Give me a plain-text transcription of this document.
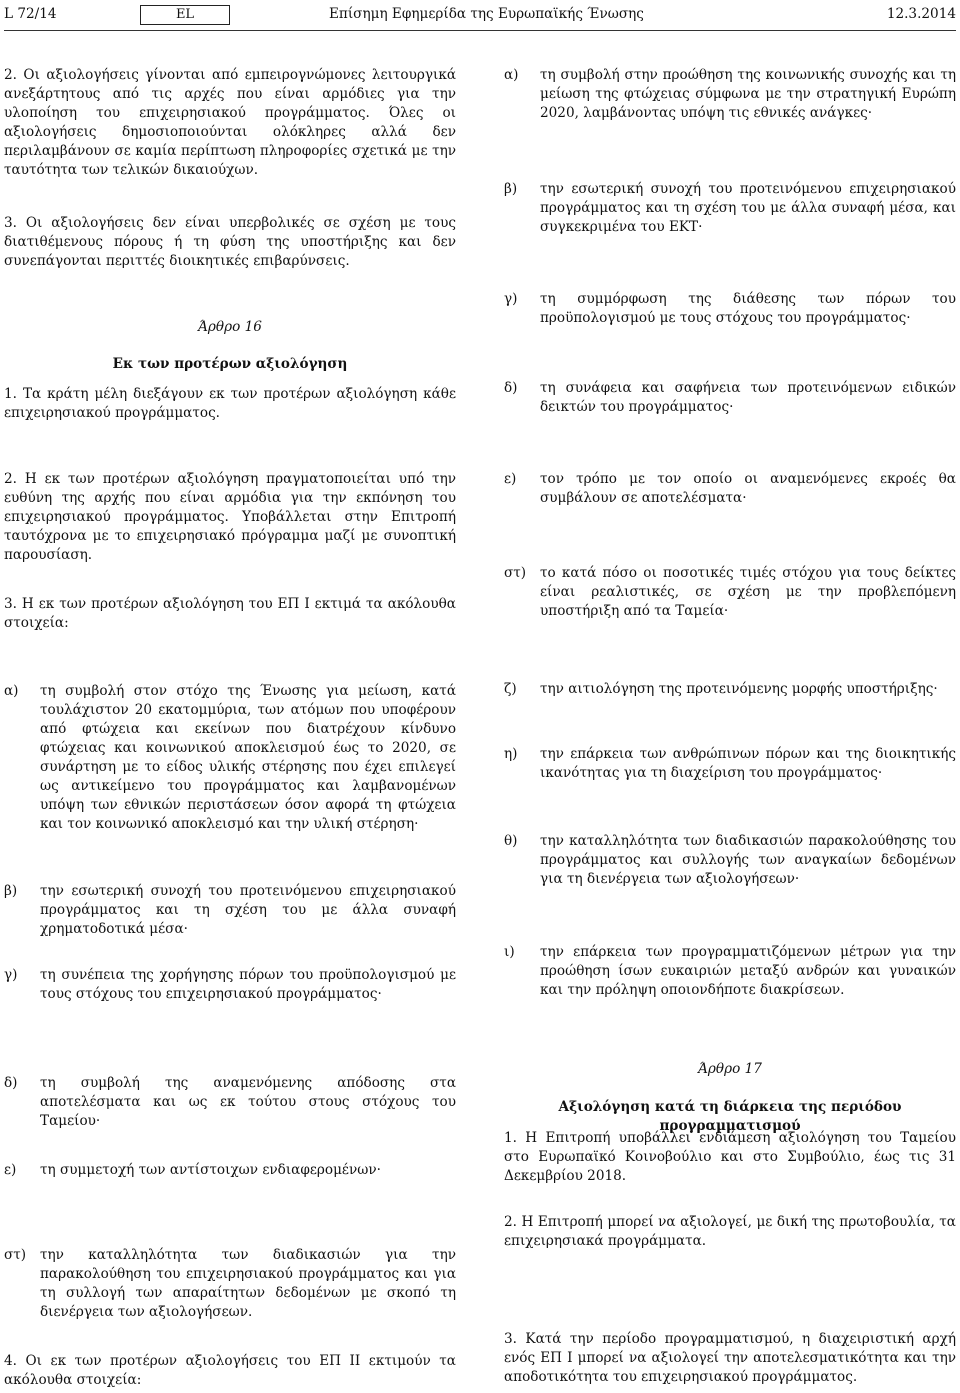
L 72/14	EL	Επίσημη Εφημερίδα της Ευρωπαϊκής Ένωσης	12.3.2014

2. Οι αξιολογήσεις γίνονται από εμπειρογνώμονες λειτουργικά ανεξάρτητους από τις αρχές που είναι αρμόδιες για την υλοποίηση του επιχειρησιακού προγράμματος. Όλες οι αξιολογήσεις δημοσιοποιούνται ολόκληρες αλλά δεν περιλαμβάνουν σε καμία περίπτωση πληροφορίες σχετικά με την ταυτότητα των τελικών δικαιούχων.

3. Οι αξιολογήσεις δεν είναι υπερβολικές σε σχέση με τους διατιθέμενους πόρους ή τη φύση της υποστήριξης και δεν συνεπάγονται περιττές διοικητικές επιβαρύνσεις.

Άρθρο 16

Εκ των προτέρων αξιολόγηση

1. Τα κράτη μέλη διεξάγουν εκ των προτέρων αξιολόγηση κάθε επιχειρησιακού προγράμματος.

2. Η εκ των προτέρων αξιολόγηση πραγματοποιείται υπό την ευθύνη της αρχής που είναι αρμόδια για την εκπόνηση του επιχειρησιακού προγράμματος. Υποβάλλεται στην Επιτροπή ταυτόχρονα με το επιχειρησιακό πρόγραμμα μαζί με συνοπτική παρουσίαση.

3. Η εκ των προτέρων αξιολόγηση του ΕΠ Ι εκτιμά τα ακόλουθα στοιχεία:

α)	τη συμβολή στον στόχο της Ένωσης για μείωση, κατά τουλάχιστον 20 εκατομμύρια, των ατόμων που υποφέρουν από φτώχεια και εκείνων που διατρέχουν κίνδυνο φτώχειας και κοινωνικού αποκλεισμού έως το 2020, σε συνάρτηση με το είδος υλικής στέρησης που έχει επιλεγεί ως αντικείμενο του προγράμματος και λαμβανομένων υπόψη των εθνικών περιστάσεων όσον αφορά τη φτώχεια και τον κοινωνικό αποκλεισμό και την υλική στέρηση·
β)	την εσωτερική συνοχή του προτεινόμενου επιχειρησιακού προγράμματος και τη σχέση του με άλλα συναφή χρηματοδοτικά μέσα·
γ)	τη συνέπεια της χορήγησης πόρων του προϋπολογισμού με τους στόχους του επιχειρησιακού προγράμματος·
δ)	τη συμβολή της αναμενόμενης απόδοσης στα αποτελέσματα και ως εκ τούτου στους στόχους του Ταμείου·
ε)	τη συμμετοχή των αντίστοιχων ενδιαφερομένων·
στ)	την καταλληλότητα των διαδικασιών για την παρακολούθηση του επιχειρησιακού προγράμματος και για τη συλλογή των απαραίτητων δεδομένων με σκοπό τη διενέργεια των αξιολογήσεων.

4. Οι εκ των προτέρων αξιολογήσεις του ΕΠ ΙΙ εκτιμούν τα ακόλουθα στοιχεία:

α)	τη συμβολή στην προώθηση της κοινωνικής συνοχής και τη μείωση της φτώχειας σύμφωνα με την στρατηγική Ευρώπη 2020, λαμβάνοντας υπόψη τις εθνικές ανάγκες·
β)	την εσωτερική συνοχή του προτεινόμενου επιχειρησιακού προγράμματος και τη σχέση του με άλλα συναφή μέσα, και συγκεκριμένα του ΕΚΤ·
γ)	τη συμμόρφωση της διάθεσης των πόρων του προϋπολογισμού με τους στόχους του προγράμματος·
δ)	τη συνάφεια και σαφήνεια των προτεινόμενων ειδικών δεικτών του προγράμματος·
ε)	τον τρόπο με τον οποίο οι αναμενόμενες εκροές θα συμβάλουν σε αποτελέσματα·
στ)	το κατά πόσο οι ποσοτικές τιμές στόχου για τους δείκτες είναι ρεαλιστικές, σε σχέση με την προβλεπόμενη υποστήριξη από τα Ταμεία·
ζ)	την αιτιολόγηση της προτεινόμενης μορφής υποστήριξης·
η)	την επάρκεια των ανθρώπινων πόρων και της διοικητικής ικανότητας για τη διαχείριση του προγράμματος·
θ)	την καταλληλότητα των διαδικασιών παρακολούθησης του προγράμματος και συλλογής των αναγκαίων δεδομένων για τη διενέργεια των αξιολογήσεων·
ι)	την επάρκεια των προγραμματιζόμενων μέτρων για την προώθηση ίσων ευκαιριών μεταξύ ανδρών και γυναικών και την πρόληψη οποιονδήποτε διακρίσεων.

Άρθρο 17

Αξιολόγηση κατά τη διάρκεια της περιόδου προγραμματισμού

1. Η Επιτροπή υποβάλλει ενδιάμεση αξιολόγηση του Ταμείου στο Ευρωπαϊκό Κοινοβούλιο και στο Συμβούλιο, έως τις 31 Δεκεμβρίου 2018.

2. Η Επιτροπή μπορεί να αξιολογεί, με δική της πρωτοβουλία, τα επιχειρησιακά προγράμματα.

3. Κατά την περίοδο προγραμματισμού, η διαχειριστική αρχή ενός ΕΠ Ι μπορεί να αξιολογεί την αποτελεσματικότητα και την αποδοτικότητα του επιχειρησιακού προγράμματος.
